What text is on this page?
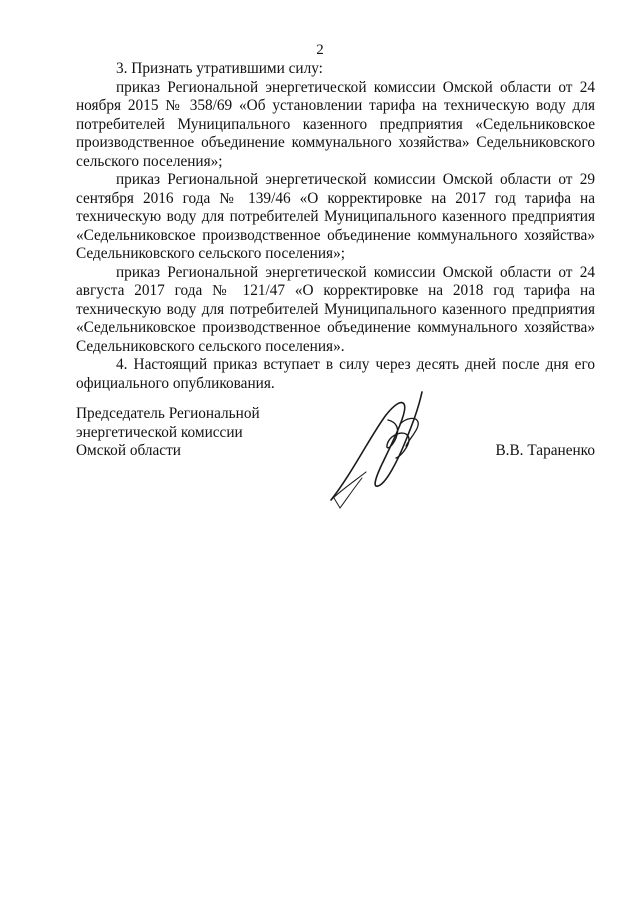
2

3. Признать утратившими силу:

приказ Региональной энергетической комиссии Омской области от 24 ноября 2015 № 358/69 «Об установлении тарифа на техническую воду для потребителей Муниципального казенного предприятия «Седельниковское производственное объединение коммунального хозяйства» Седельниковского сельского поселения»;

приказ Региональной энергетической комиссии Омской области от 29 сентября 2016 года № 139/46 «О корректировке на 2017 год тарифа на техническую воду для потребителей Муниципального казенного предприятия «Седельниковское производственное объединение коммунального хозяйства» Седельниковского сельского поселения»;

приказ Региональной энергетической комиссии Омской области от 24 августа 2017 года № 121/47 «О корректировке на 2018 год тарифа на техническую воду для потребителей Муниципального казенного предприятия «Седельниковское производственное объединение коммунального хозяйства» Седельниковского сельского поселения».

4. Настоящий приказ вступает в силу через десять дней после дня его официального опубликования.

Председатель Региональной
энергетической комиссии
Омской области	В.В. Тараненко
